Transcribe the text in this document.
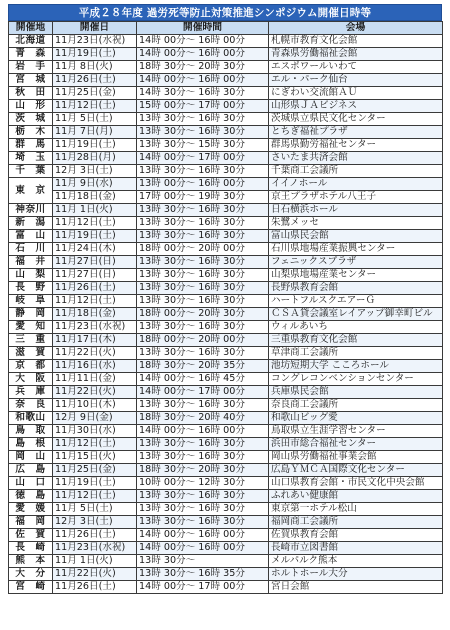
平成２８年度 過労死等防止対策推進シンポジウム開催日時等
開催地	開催日	開催時間	会場
北海道	11月23日(水祝)	14時 00分～ 16時 00分	札幌市教育文化会館
青　森	11月19日(土)	14時 00分～ 16時 00分	青森県労働福祉会館
岩　手	11月 8日(火)	18時 30分～ 20時 30分	エスポワールいわて
宮　城	11月26日(土)	14時 00分～ 16時 00分	エル・パーク仙台
秋　田	11月25日(金)	14時 30分～ 16時 30分	にぎわい交流館ＡＵ
山　形	11月12日(土)	15時 00分～ 17時 00分	山形県ＪＡビジネス
茨　城	11月 5日(土)	13時 30分～ 16時 30分	茨城県立県民文化センター
栃　木	11月 7日(月)	13時 30分～ 16時 30分	とちぎ福祉プラザ
群　馬	11月19日(土)	13時 30分～ 15時 30分	群馬県勤労福祉センター
埼　玉	11月28日(月)	14時 00分～ 17時 00分	さいたま共済会館
千　葉	12月 3日(土)	13時 30分～ 16時 30分	千葉商工会議所
東　京	11月 9日(水)	13時 00分～ 16時 00分	イイノホール
	11月18日(金)	17時 00分～ 19時 30分	京王プラザホテル八王子
神奈川	11月 1日(火)	13時 30分～ 16時 30分	日石横浜ホール
新　潟	11月12日(土)	13時 30分～ 16時 30分	朱鷺メッセ
富　山	11月19日(土)	13時 30分～ 16時 30分	富山県民会館
石　川	11月24日(木)	18時 00分～ 20時 00分	石川県地場産業振興センター
福　井	11月27日(日)	13時 30分～ 16時 30分	フェニックスプラザ
山　梨	11月27日(日)	13時 30分～ 16時 30分	山梨県地場産業センター
長　野	11月26日(土)	13時 30分～ 16時 30分	長野県教育会館
岐　阜	11月12日(土)	13時 30分～ 16時 30分	ハートフルスクエアーＧ
静　岡	11月18日(金)	18時 00分～ 20時 30分	ＣＳＡ貸会議室レイアップ御幸町ビル
愛　知	11月23日(水祝)	13時 30分～ 16時 30分	ウィルあいち
三　重	11月17日(木)	18時 00分～ 20時 00分	三重県教育文化会館
滋　賀	11月22日(火)	13時 30分～ 16時 30分	草津商工会議所
京　都	11月16日(水)	18時 30分～ 20時 35分	池坊短期大学 こころホール
大　阪	11月11日(金)	14時 00分～ 16時 45分	コングレコンベンションセンター
兵　庫	11月22日(火)	14時 00分～ 17時 00分	兵庫県民会館
奈　良	11月10日(木)	13時 30分～ 16時 30分	奈良商工会議所
和歌山	12月 9日(金)	18時 30分～ 20時 40分	和歌山ビッグ愛
鳥　取	11月30日(水)	14時 00分～ 16時 00分	鳥取県立生涯学習センター
島　根	11月12日(土)	13時 30分～ 16時 30分	浜田市総合福祉センター
岡　山	11月15日(火)	13時 30分～ 16時 30分	岡山県労働福祉事業会館
広　島	11月25日(金)	18時 30分～ 20時 30分	広島ＹＭＣＡ国際文化センター
山　口	11月19日(土)	10時 00分～ 12時 30分	山口県教育会館・市民文化中央会館
徳　島	11月12日(土)	13時 30分～ 16時 30分	ふれあい健康館
愛　媛	11月 5日(土)	13時 30分～ 16時 30分	東京第一ホテル松山
福　岡	12月 3日(土)	13時 30分～ 16時 30分	福岡商工会議所
佐　賀	11月26日(土)	14時 00分～ 16時 00分	佐賀県教育会館
長　崎	11月23日(水祝)	14時 00分～ 16時 00分	長崎市立図書館
熊　本	11月 1日(火)	13時 30分～	メルパルク熊本
大　分	11月22日(火)	13時 30分～ 16時 35分	ホルトホール大分
宮　崎	11月26日(土)	14時 00分～ 17時 00分	宮日会館
